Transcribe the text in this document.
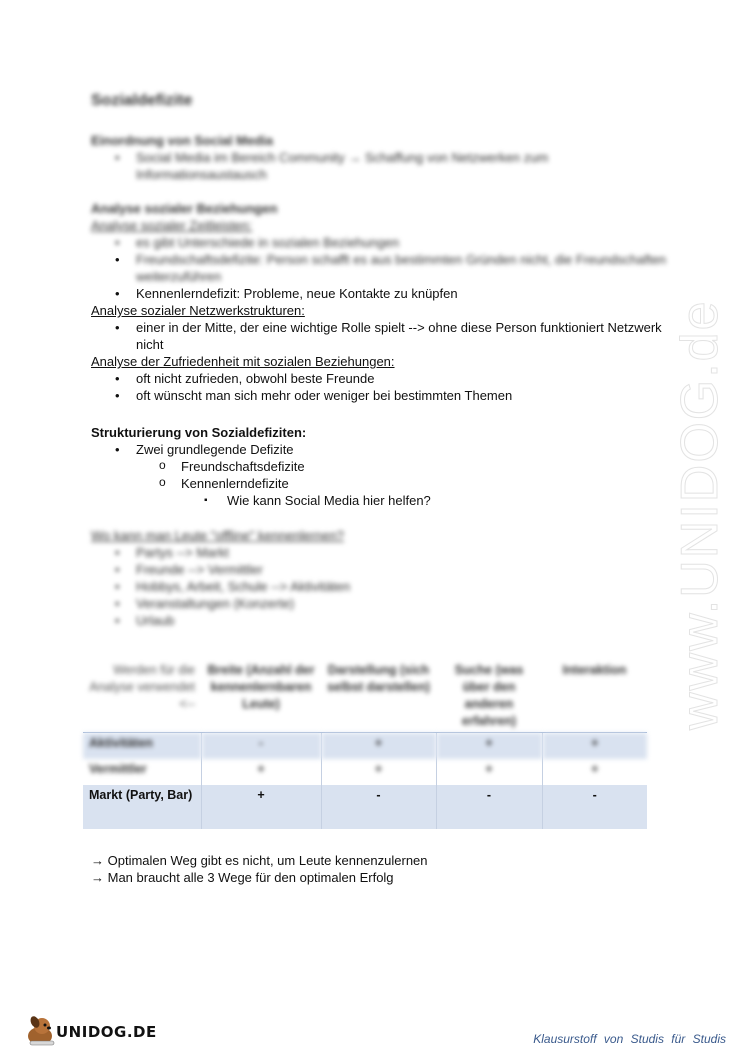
www.UNIDOG.de
Sozialdefizite
Einordnung von Social Media
• Social Media im Bereich Community → Schaffung von Netzwerken zum Informationsaustausch
Analyse sozialer Beziehungen
Analyse sozialer Zeitleisten:
• es gibt Unterschiede in sozialen Beziehungen
• Freundschaftsdefizite: Person schafft es aus bestimmten Gründen nicht, die Freundschaften weiterzuführen
• Kennenlerndefizit: Probleme, neue Kontakte zu knüpfen
Analyse sozialer Netzwerkstrukturen:
• einer in der Mitte, der eine wichtige Rolle spielt --> ohne diese Person funktioniert Netzwerk nicht
Analyse der Zufriedenheit mit sozialen Beziehungen:
• oft nicht zufrieden, obwohl beste Freunde
• oft wünscht man sich mehr oder weniger bei bestimmten Themen
Strukturierung von Sozialdefiziten:
• Zwei grundlegende Defizite
o Freundschaftsdefizite
o Kennenlerndefizite
▪ Wie kann Social Media hier helfen?
Wo kann man Leute "offline" kennenlernen?
• Partys --> Markt
• Freunde --> Vermittler
• Hobbys, Arbeit, Schule --> Aktivitäten
• Veranstaltungen (Konzerte)
• Urlaub
Werden für die Analyse verwendet <--	Breite (Anzahl der kennenlernbaren Leute)	Darstellung (sich selbst darstellen)	Suche (was über den anderen erfahren)	Interaktion
Aktivitäten	-	+	+	+
Vermittler	+	+	+	+
Markt (Party, Bar)	+	-	-	-
→ Optimalen Weg gibt es nicht, um Leute kennenzulernen
→ Man braucht alle 3 Wege für den optimalen Erfolg
UNIDOG.DE	Klausurstoff von Studis für Studis
